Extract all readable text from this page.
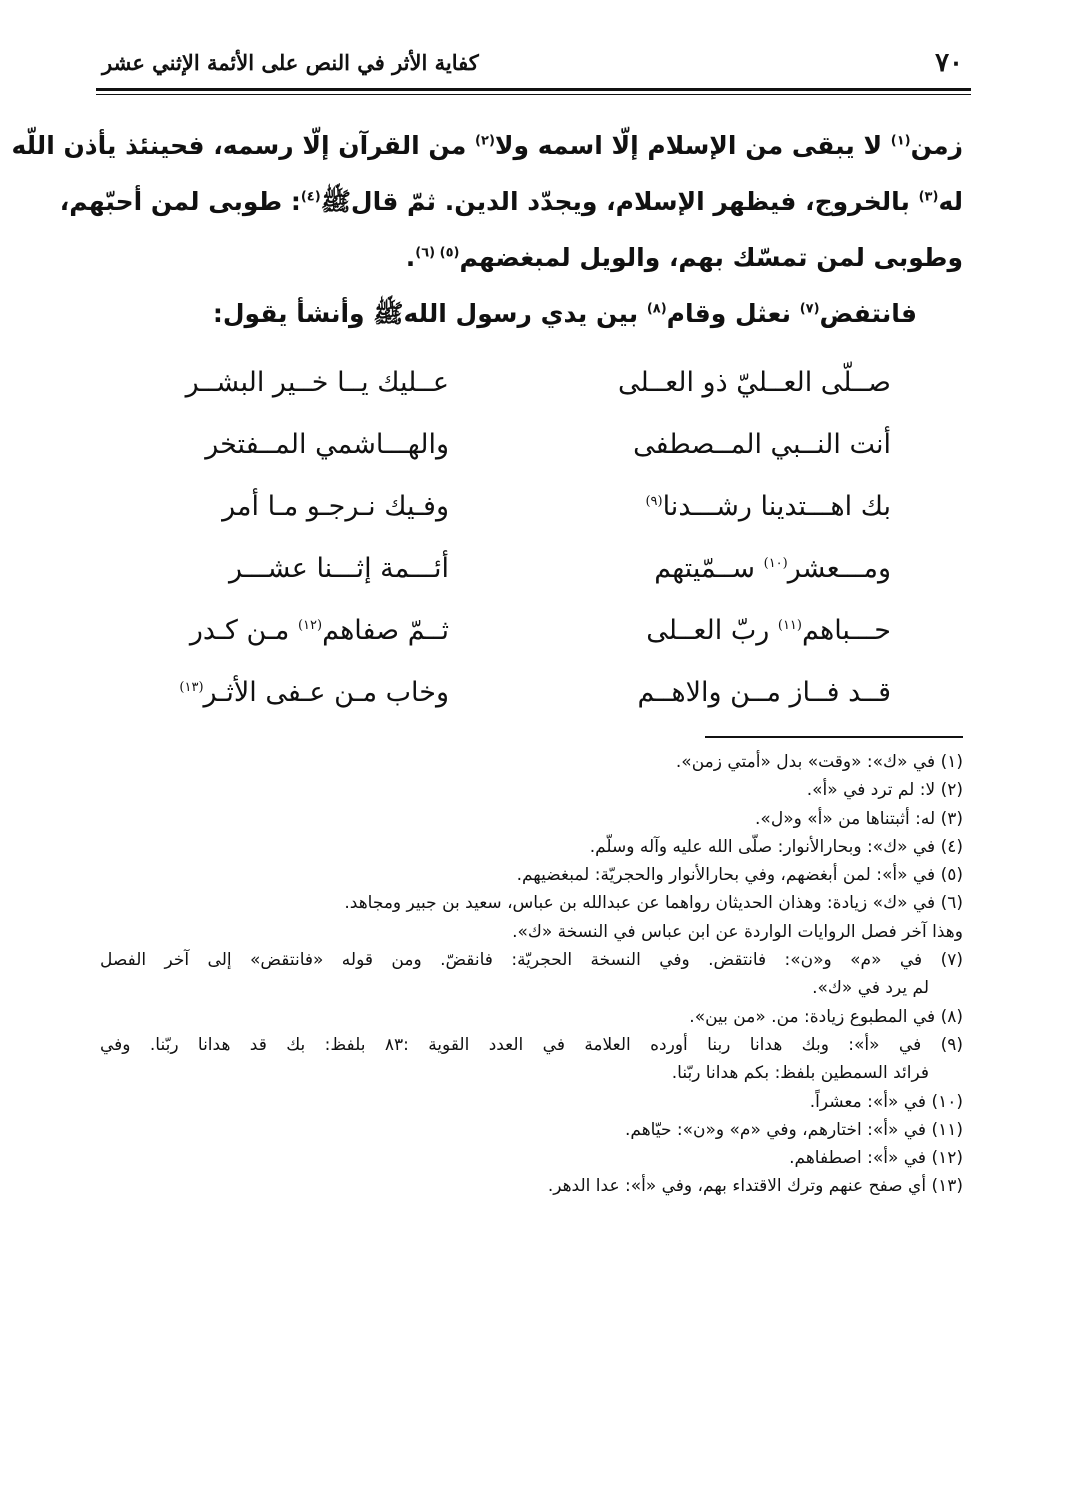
٧٠
كفاية الأثر في النص على الأئمة الإثني عشر
زمن$^{(١)}$ لا يبقى من الإسلام إلّا اسمه ولا$^{(٢)}$ من القرآن إلّا رسمه، فحينئذ يأذن اللّه
له$^{(٣)}$ بالخروج، فيظهر الإسلام، ويجدّد الدين. ثمّ قالﷺ$^{(٤)}$: طوبى لمن أحبّهم،
وطوبى لمن تمسّك بهم، والويل لمبغضهم$^{(٥) (٦)}$.
فانتفض$^{(٧)}$ نعثل وقام$^{(٨)}$ بين يدي رسول اللهﷺ وأنشأ يقول:
صــلّى العــليّ ذو العــلى
عــليك يــا خــير البشــر
أنت النــبي المــصطفى
والهـــاشمي المــفتخر
بك اهـــتدينا رشـــدنا$^{(٩)}$
وفـيك نـرجـو مـا أمر
ومـــعشر$^{(١٠)}$ ســمّيتهم
أئـــمة إثـــنا عشـــر
حـــباهم$^{(١١)}$ ربّ العــلى
ثــمّ صفاهم$^{(١٢)}$ مـن كـدر
قــد فــاز مــن والاهــم
وخاب مـن عـفى الأثـر$^{(١٣)}$
(١) في «ك»: «وقت» بدل «أمتي زمن».
(٢) لا: لم ترد في «أ».
(٣) له: أثبتناها من «أ» و«ل».
(٤) في «ك»: وبحارالأنوار: صلّى الله عليه وآله وسلّم.
(٥) في «أ»: لمن أبغضهم، وفي بحارالأنوار والحجريّة: لمبغضيهم.
(٦) في «ك» زيادة: وهذان الحديثان رواهما عن عبدالله بن عباس، سعيد بن جبير ومجاهد.
وهذا آخر فصل الروايات الواردة عن ابن عباس في النسخة «ك».
(٧) في «م» و«ن»: فانتقض. وفي النسخة الحجريّة: فانقضّ. ومن قوله «فانتقض» إلى آخر الفصل
لم يرد في «ك».
(٨) في المطبوع زيادة: من. «من بين».
(٩) في «أ»: وبك هدانا ربنا أورده العلامة في العدد القوية :٨٣ بلفظ: بك قد هدانا ربّنا. وفي
فرائد السمطين بلفظ: بكم هدانا ربّنا.
(١٠) في «أ»: معشراً.
(١١) في «أ»: اختارهم، وفي «م» و«ن»: حيّاهم.
(١٢) في «أ»: اصطفاهم.
(١٣) أي صفح عنهم وترك الاقتداء بهم، وفي «أ»: عدا الدهر.
